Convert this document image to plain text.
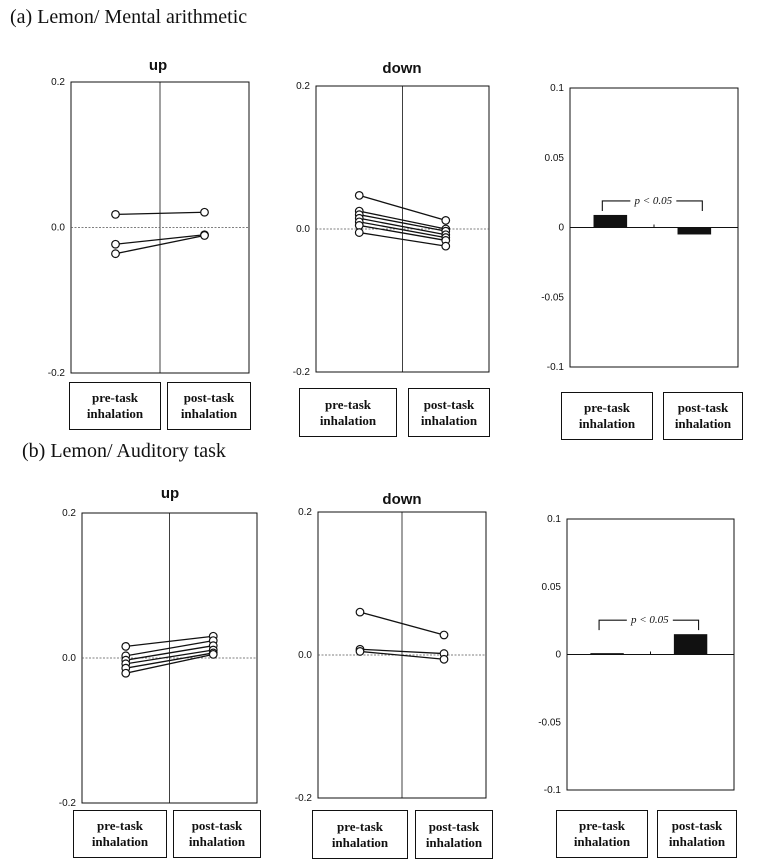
(a) Lemon/ Mental arithmetic
(b) Lemon/ Auditory task
0.2
0.0
-0.2
up
0.2
0.0
-0.2
down
0.1
0.05
0
-0.05
-0.1
p < 0.05
0.2
0.0
-0.2
up
0.2
0.0
-0.2
down
0.1
0.05
0
-0.05
-0.1
p < 0.05
pre-task
inhalation
post-task
inhalation
pre-task
inhalation
post-task
inhalation
pre-task
inhalation
post-task
inhalation
pre-task
inhalation
post-task
inhalation
pre-task
inhalation
post-task
inhalation
pre-task
inhalation
post-task
inhalation
